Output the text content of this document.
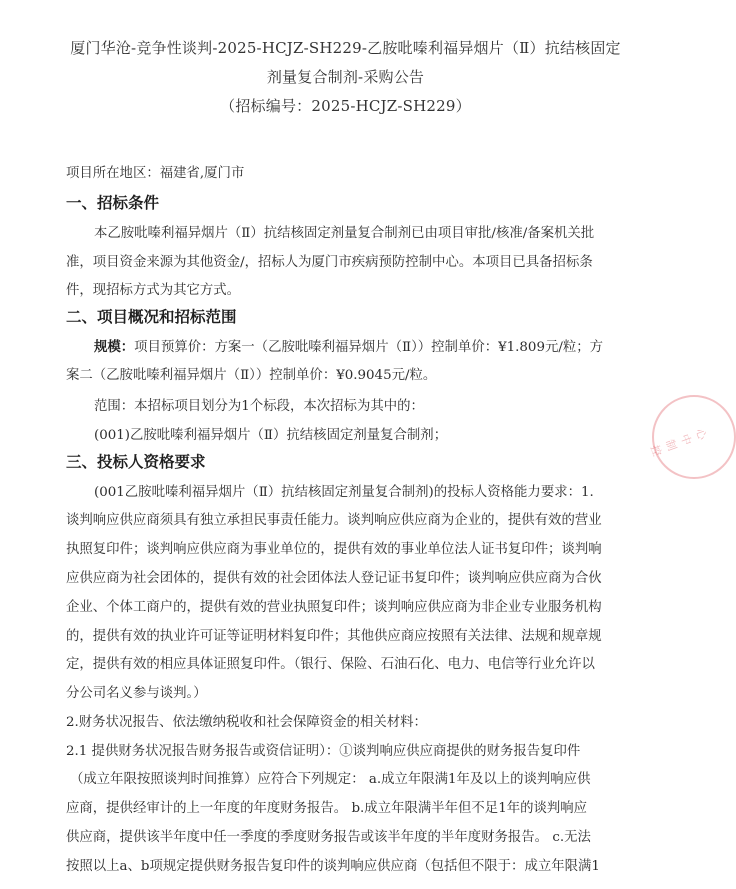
厦门华沧-竞争性谈判-2025-HCJZ-SH229-乙胺吡嗪利福异烟片（Ⅱ）抗结核固定
剂量复合制剂-采购公告
（招标编号：2025-HCJZ-SH229）
项目所在地区：福建省,厦门市
一、招标条件
本乙胺吡嗪利福异烟片（Ⅱ）抗结核固定剂量复合制剂已由项目审批/核准/备案机关批
准，项目资金来源为其他资金/，招标人为厦门市疾病预防控制中心。本项目已具备招标条
件，现招标方式为其它方式。
二、项目概况和招标范围
规模：项目预算价：方案一（乙胺吡嗪利福异烟片（Ⅱ））控制单价：¥1.809元/粒；方
案二（乙胺吡嗪利福异烟片（Ⅱ））控制单价：¥0.9045元/粒。
范围：本招标项目划分为1个标段，本次招标为其中的：
(001)乙胺吡嗪利福异烟片（Ⅱ）抗结核固定剂量复合制剂；
三、投标人资格要求
(001乙胺吡嗪利福异烟片（Ⅱ）抗结核固定剂量复合制剂)的投标人资格能力要求：1.
谈判响应供应商须具有独立承担民事责任能力。谈判响应供应商为企业的，提供有效的营业
执照复印件；谈判响应供应商为事业单位的，提供有效的事业单位法人证书复印件；谈判响
应供应商为社会团体的，提供有效的社会团体法人登记证书复印件；谈判响应供应商为合伙
企业、个体工商户的，提供有效的营业执照复印件；谈判响应供应商为非企业专业服务机构
的，提供有效的执业许可证等证明材料复印件；其他供应商应按照有关法律、法规和规章规
定，提供有效的相应具体证照复印件。（银行、保险、石油石化、电力、电信等行业允许以
分公司名义参与谈判。）
2.财务状况报告、依法缴纳税收和社会保障资金的相关材料：
2.1 提供财务状况报告财务报告或资信证明）：①谈判响应供应商提供的财务报告复印件
（成立年限按照谈判时间推算）应符合下列规定： a.成立年限满1年及以上的谈判响应供
应商，提供经审计的上一年度的年度财务报告。 b.成立年限满半年但不足1年的谈判响应
供应商，提供该半年度中任一季度的季度财务报告或该半年度的半年度财务报告。 c.无法
按照以上a、b项规定提供财务报告复印件的谈判响应供应商（包括但不限于：成立年限满1
心中制控
